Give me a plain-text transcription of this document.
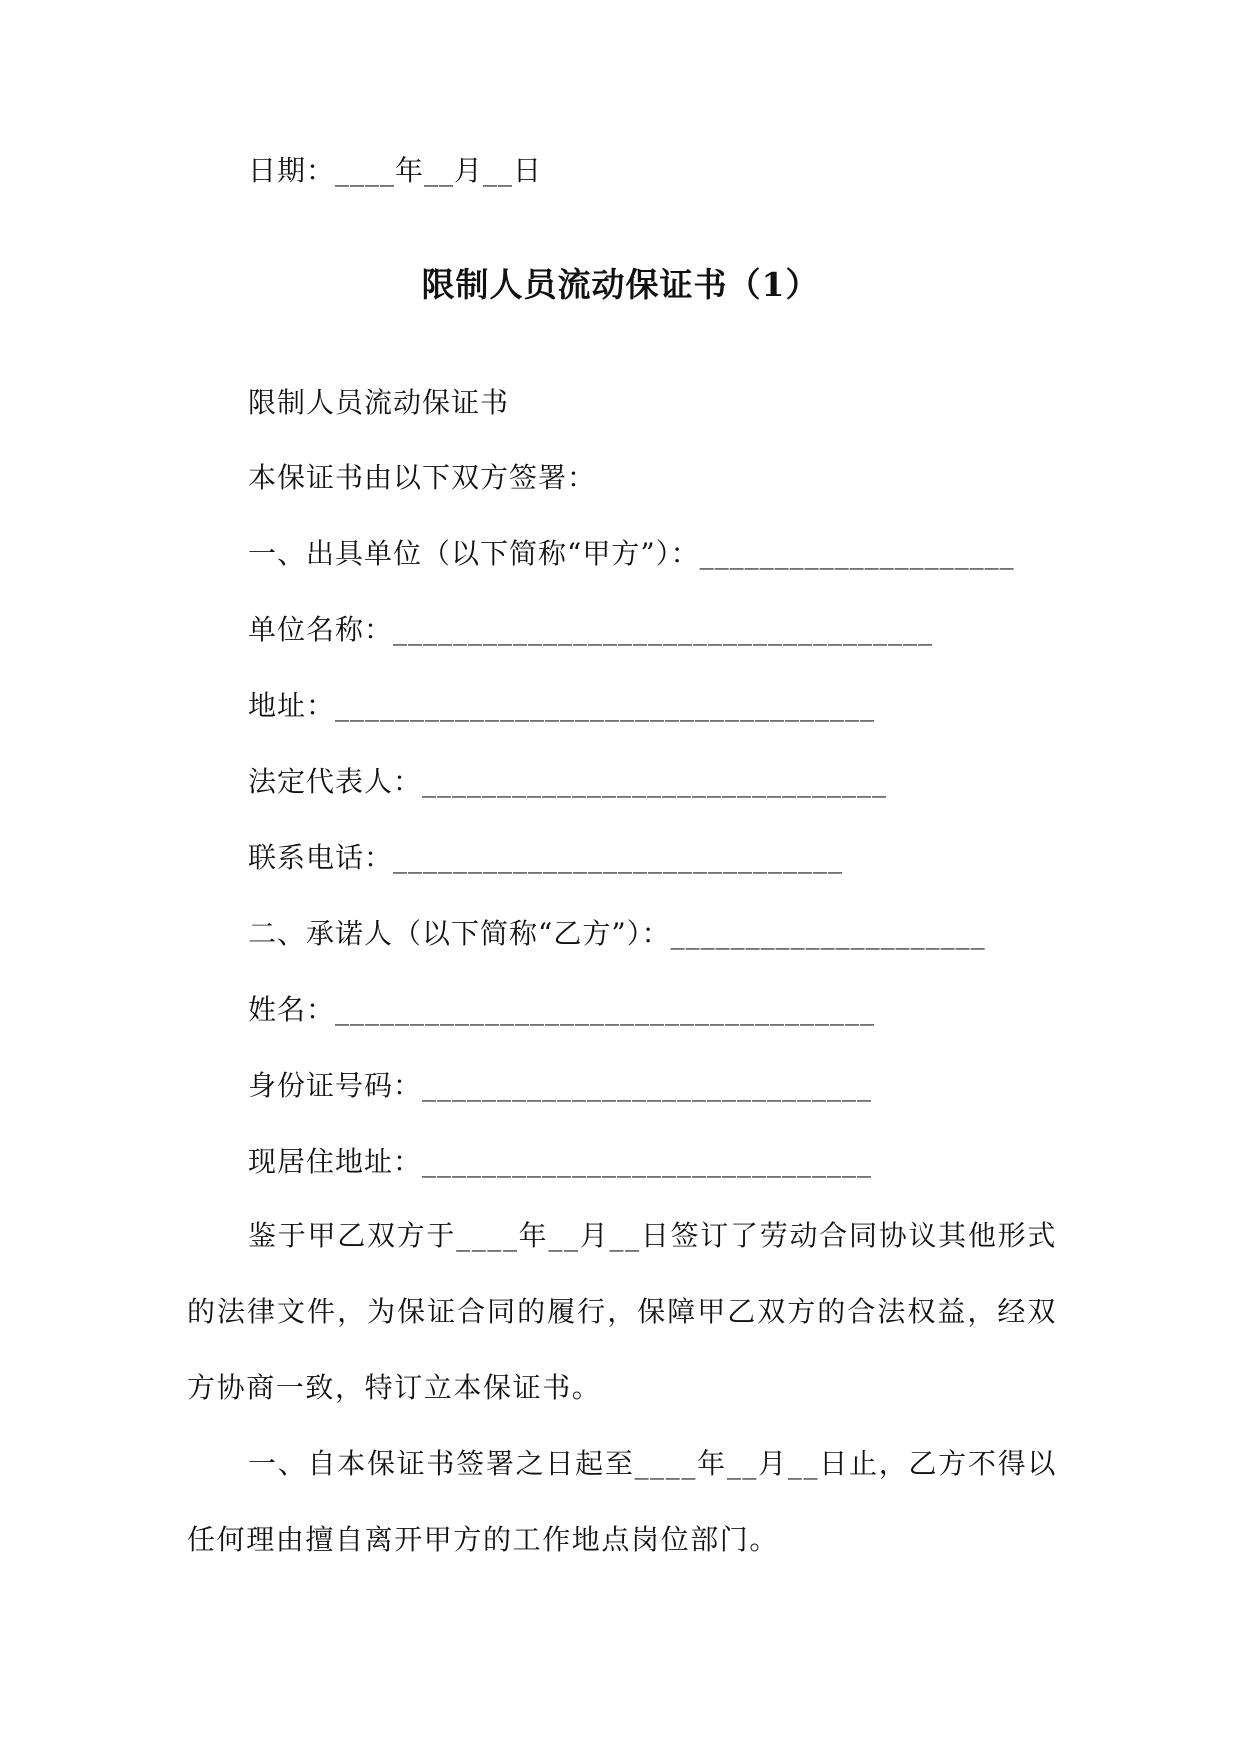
日期：____年__月__日
限制人员流动保证书（1）
限制人员流动保证书
本保证书由以下双方签署：
一、出具单位（以下简称“甲方”）：_____________________
单位名称：____________________________________
地址：____________________________________
法定代表人：_______________________________
联系电话：______________________________
二、承诺人（以下简称“乙方”）：_____________________
姓名：____________________________________
身份证号码：______________________________
现居住地址：______________________________
鉴于甲乙双方于____年__月__日签订了劳动合同协议其他形式的法律文件，为保证合同的履行，保障甲乙双方的合法权益，经双方协商一致，特订立本保证书。
一、自本保证书签署之日起至____年__月__日止，乙方不得以任何理由擅自离开甲方的工作地点岗位部门。
